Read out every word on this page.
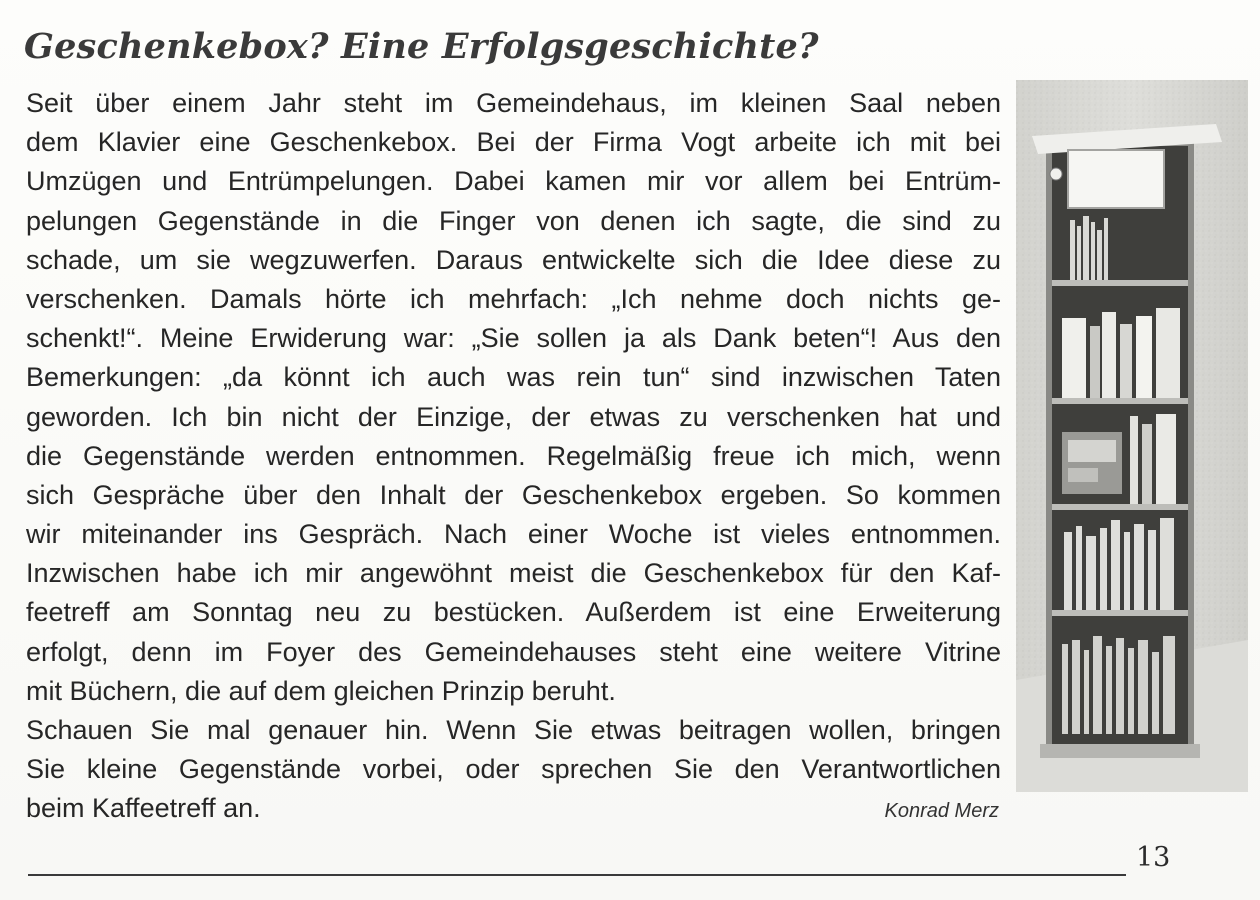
Geschenkebox? Eine Erfolgsgeschichte?
Seit über einem Jahr steht im Gemeindehaus, im kleinen Saal neben
dem Klavier eine Geschenkebox. Bei der Firma Vogt arbeite ich mit bei
Umzügen und Entrümpelungen. Dabei kamen mir vor allem bei Entrüm-
pelungen Gegenstände in die Finger von denen ich sagte, die sind zu
schade, um sie wegzuwerfen. Daraus entwickelte sich die Idee diese zu
verschenken. Damals hörte ich mehrfach: „Ich nehme doch nichts ge-
schenkt!“. Meine Erwiderung war: „Sie sollen ja als Dank beten“! Aus den
Bemerkungen: „da könnt ich auch was rein tun“ sind inzwischen Taten
geworden. Ich bin nicht der Einzige, der etwas zu verschenken hat und
die Gegenstände werden entnommen. Regelmäßig freue ich mich, wenn
sich Gespräche über den Inhalt der Geschenkebox ergeben. So kommen
wir miteinander ins Gespräch. Nach einer Woche ist vieles entnommen.
Inzwischen habe ich mir angewöhnt meist die Geschenkebox für den Kaf-
feetreff am Sonntag neu zu bestücken. Außerdem ist eine Erweiterung
erfolgt, denn im Foyer des Gemeindehauses steht eine weitere Vitrine
mit Büchern, die auf dem gleichen Prinzip beruht.
Schauen Sie mal genauer hin. Wenn Sie etwas beitragen wollen, bringen
Sie kleine Gegenstände vorbei, oder sprechen Sie den Verantwortlichen
beim Kaffeetreff an.	Konrad Merz
13
